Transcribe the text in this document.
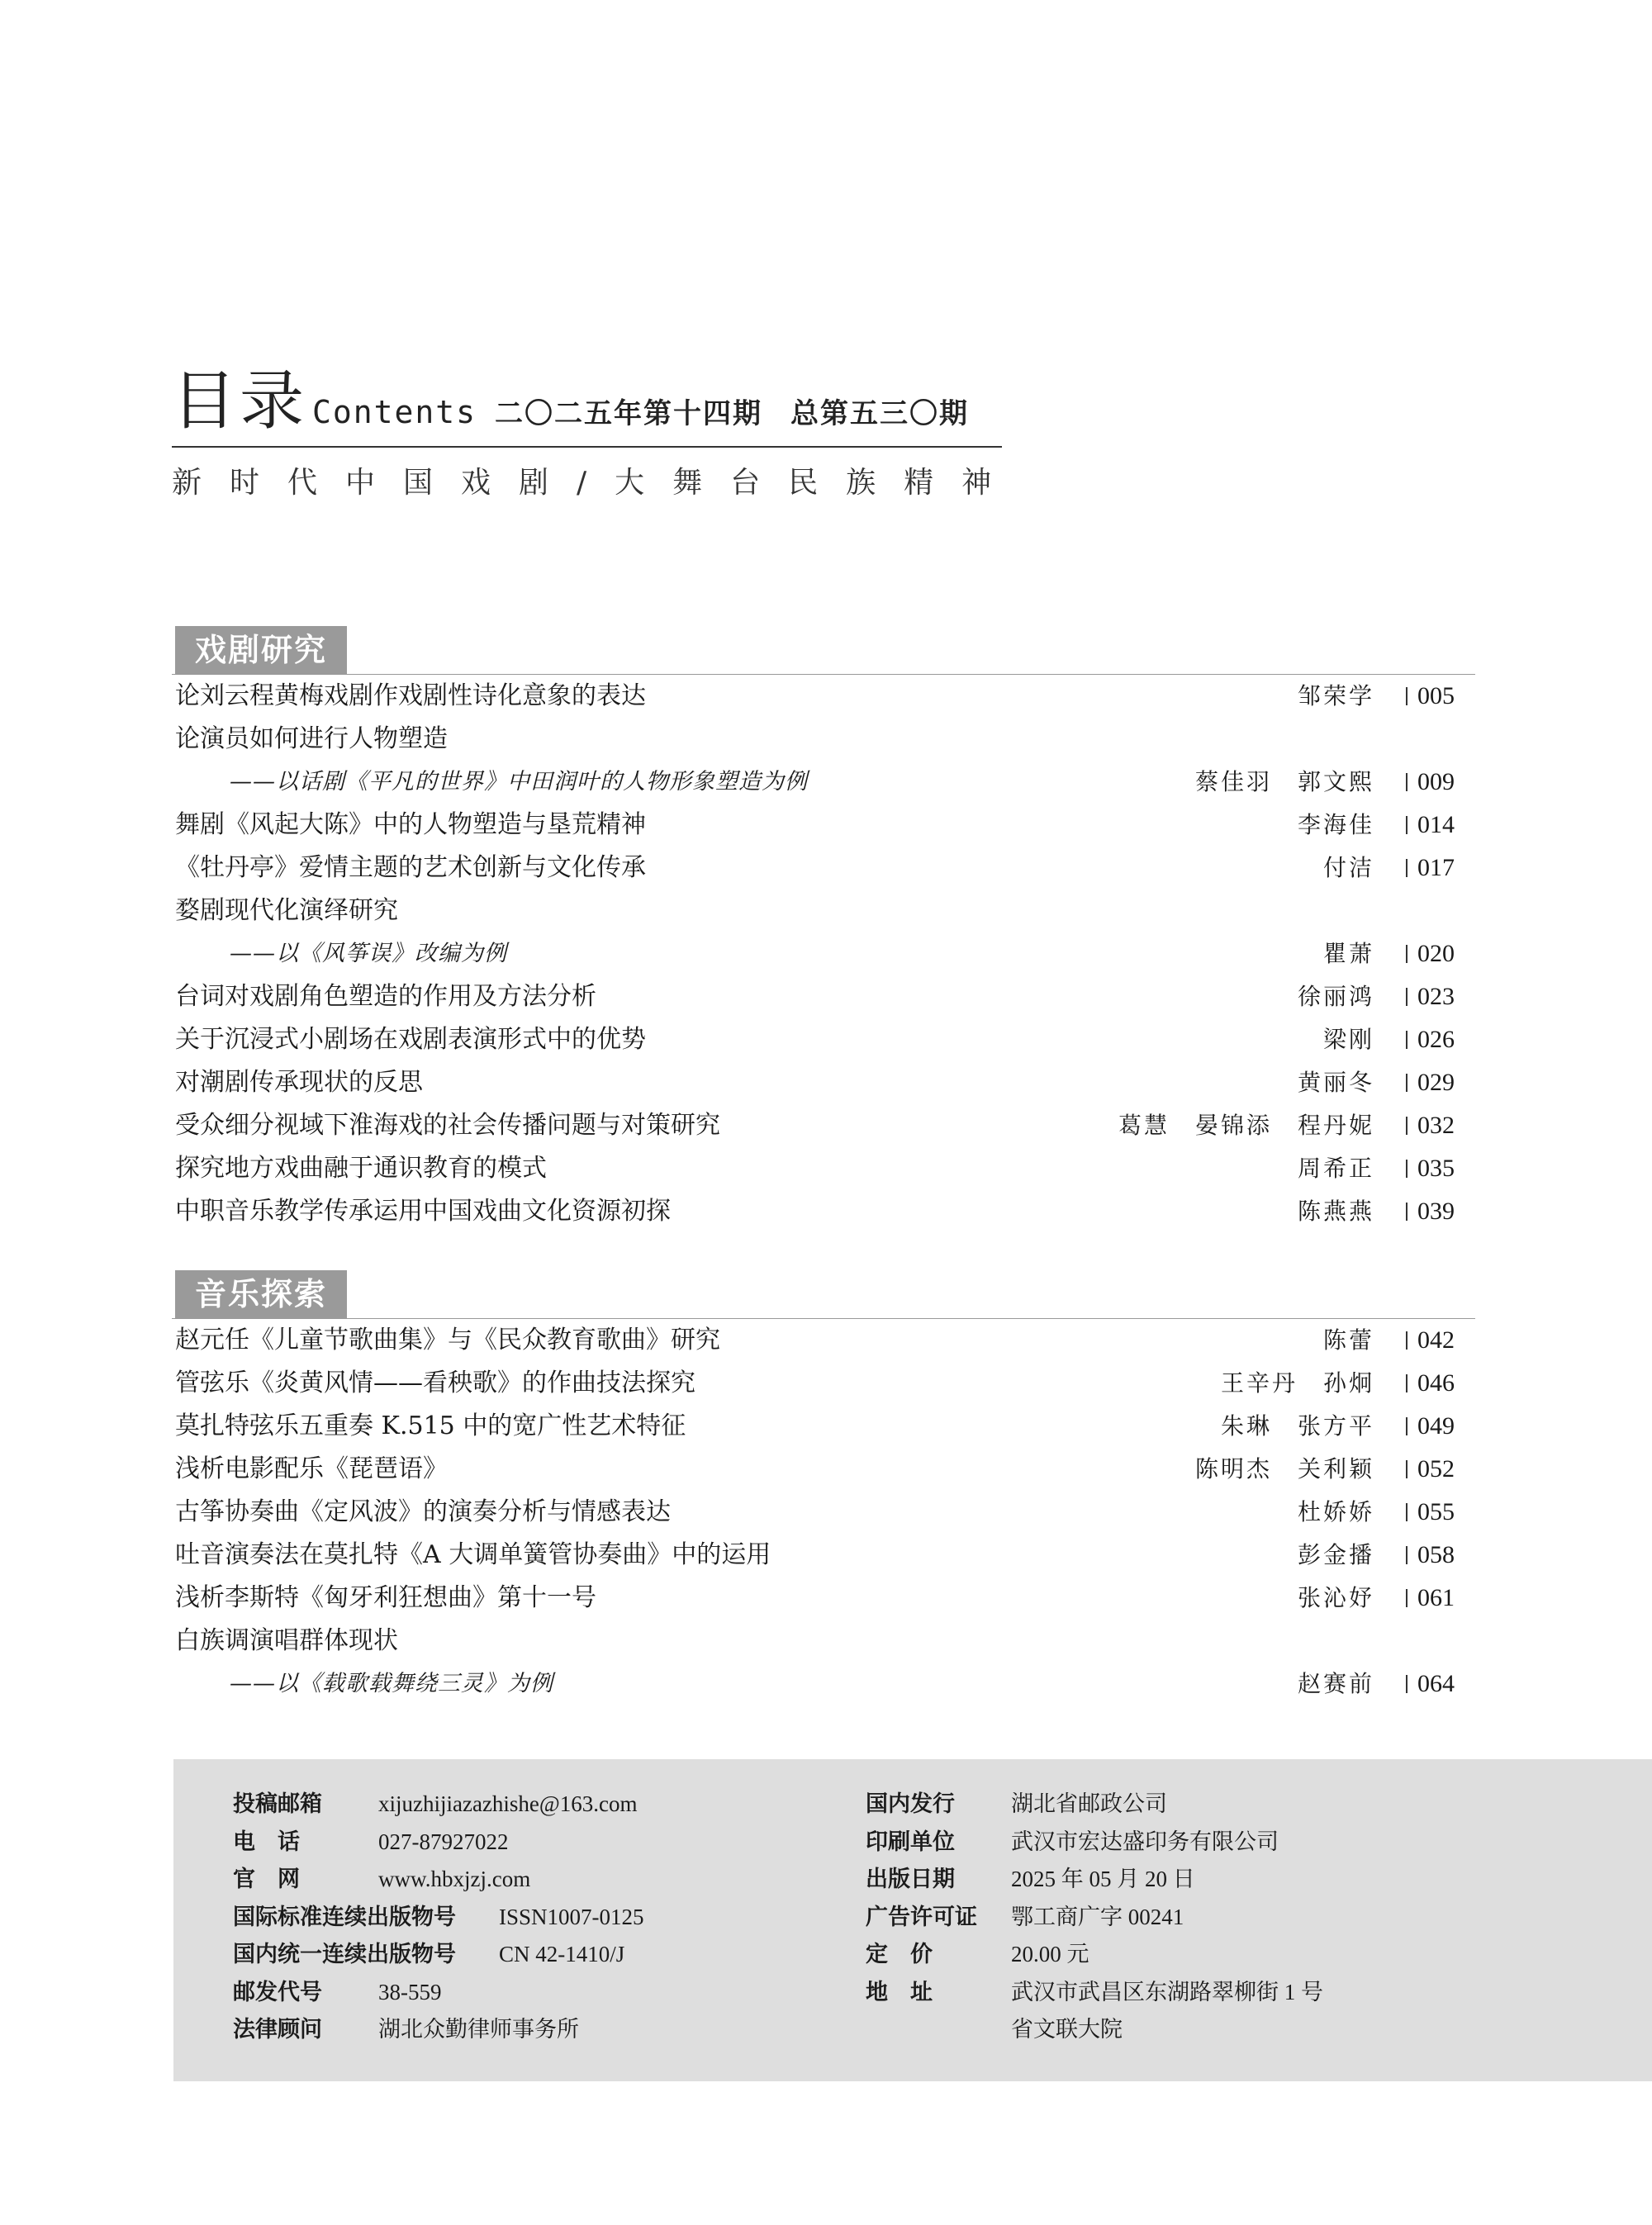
目录 Contents 二〇二五年第十四期 总第五三〇期
新时代中国戏剧/大舞台民族精神
戏剧研究
论刘云程黄梅戏剧作戏剧性诗化意象的表达	邹荣学	005
论演员如何进行人物塑造
——以话剧《平凡的世界》中田润叶的人物形象塑造为例	蔡佳羽　郭文熙	009
舞剧《风起大陈》中的人物塑造与垦荒精神	李海佳	014
《牡丹亭》爱情主题的艺术创新与文化传承	付洁	017
婺剧现代化演绎研究
——以《风筝误》改编为例	瞿萧	020
台词对戏剧角色塑造的作用及方法分析	徐丽鸿	023
关于沉浸式小剧场在戏剧表演形式中的优势	梁刚	026
对潮剧传承现状的反思	黄丽冬	029
受众细分视域下淮海戏的社会传播问题与对策研究	葛慧　晏锦添　程丹妮	032
探究地方戏曲融于通识教育的模式	周希正	035
中职音乐教学传承运用中国戏曲文化资源初探	陈燕燕	039
音乐探索
赵元任《儿童节歌曲集》与《民众教育歌曲》研究	陈蕾	042
管弦乐《炎黄风情——看秧歌》的作曲技法探究	王辛丹　孙炯	046
莫扎特弦乐五重奏 K.515 中的宽广性艺术特征	朱琳　张方平	049
浅析电影配乐《琵琶语》	陈明杰　关利颖	052
古筝协奏曲《定风波》的演奏分析与情感表达	杜娇娇	055
吐音演奏法在莫扎特《A 大调单簧管协奏曲》中的运用	彭金播	058
浅析李斯特《匈牙利狂想曲》第十一号	张沁妤	061
白族调演唱群体现状
——以《载歌载舞绕三灵》为例	赵赛前	064
投稿邮箱	xijuzhijiazazhishe@163.com
电话	027-87927022
官网	www.hbxjzj.com
国际标准连续出版物号 ISSN1007-0125
国内统一连续出版物号 CN 42-1410/J
邮发代号	38-559
法律顾问	湖北众勤律师事务所
国内发行	湖北省邮政公司
印刷单位	武汉市宏达盛印务有限公司
出版日期	2025 年 05 月 20 日
广告许可证 鄂工商广字 00241
定价	20.00 元
地址	武汉市武昌区东湖路翠柳街 1 号
省文联大院
